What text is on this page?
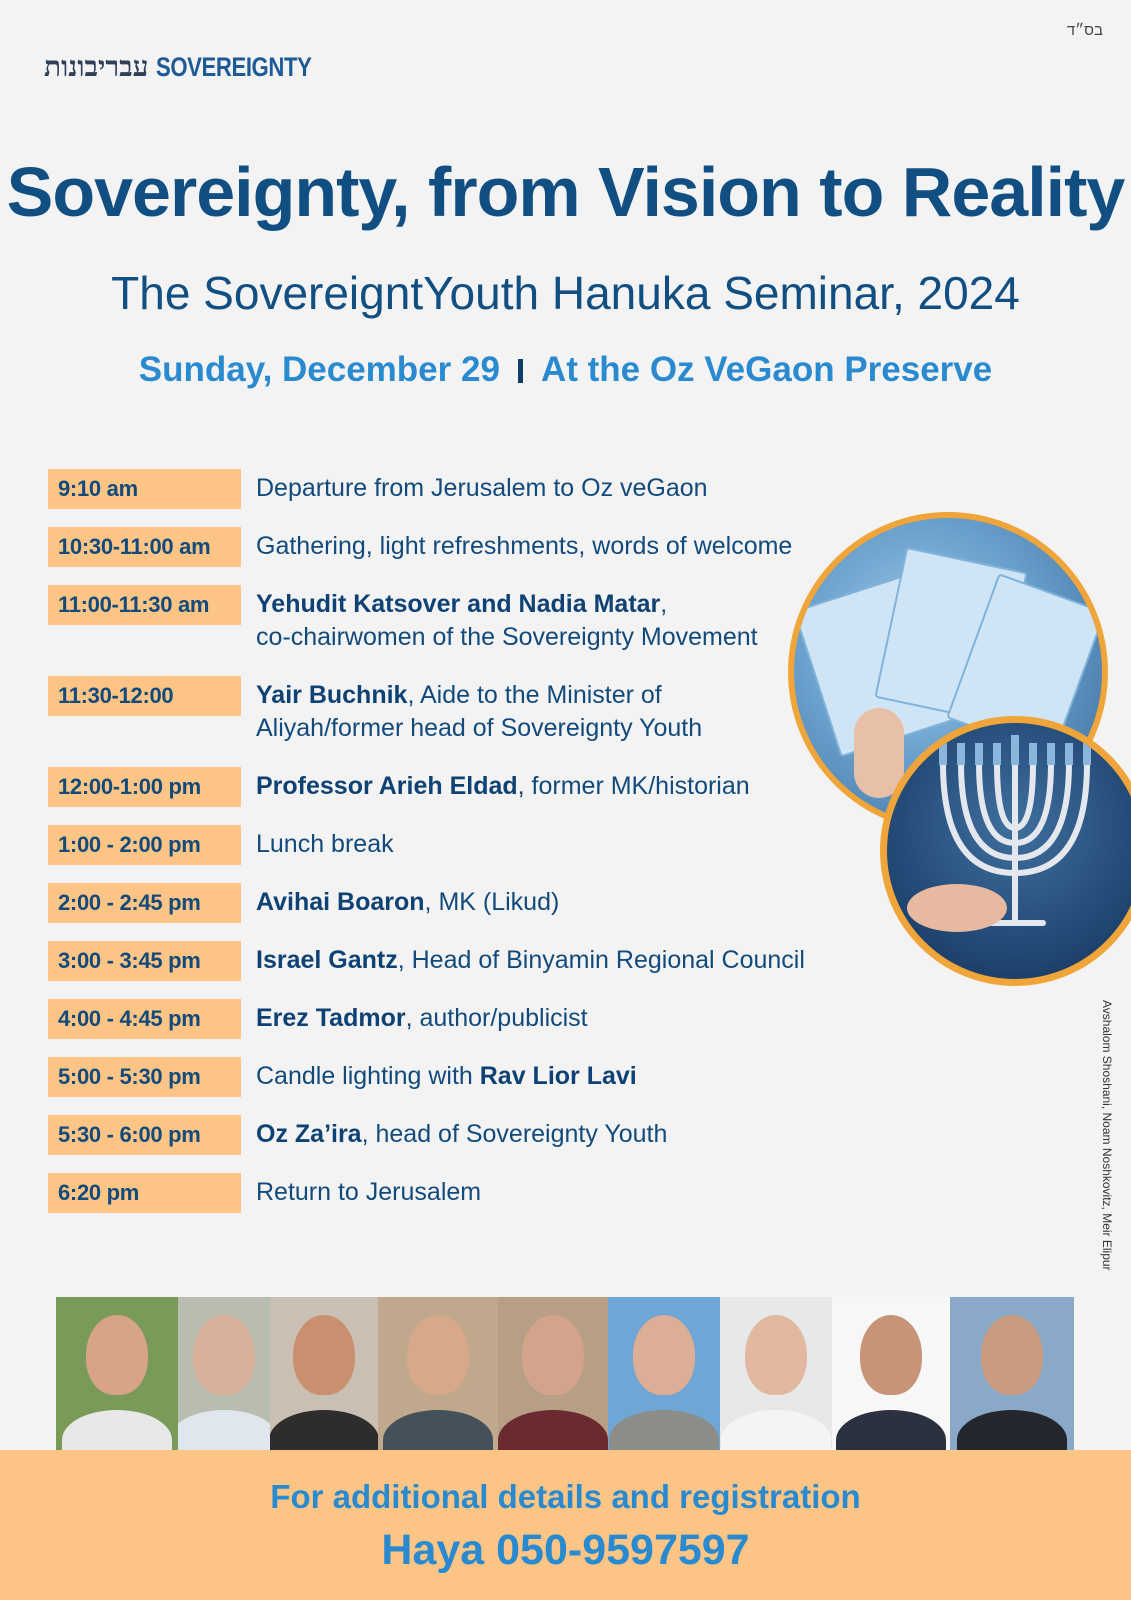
בס״ד
עבריבונות SOVEREIGNTY
Sovereignty, from Vision to Reality
The SovereigntYouth Hanuka Seminar, 2024
Sunday, December 29 At the Oz VeGaon Preserve
9:10 am	Departure from Jerusalem to Oz veGaon
10:30-11:00 am	Gathering, light refreshments, words of welcome
11:00-11:30 am	Yehudit Katsover and Nadia Matar,
co-chairwomen of the Sovereignty Movement
11:30-12:00	Yair Buchnik, Aide to the Minister of
Aliyah/former head of Sovereignty Youth
12:00-1:00 pm	Professor Arieh Eldad, former MK/historian
1:00 - 2:00 pm	Lunch break
2:00 - 2:45 pm	Avihai Boaron, MK (Likud)
3:00 - 3:45 pm	Israel Gantz, Head of Binyamin Regional Council
4:00 - 4:45 pm	Erez Tadmor, author/publicist
5:00 - 5:30 pm	Candle lighting with Rav Lior Lavi
5:30 - 6:00 pm	Oz Za’ira, head of Sovereignty Youth
6:20 pm	Return to Jerusalem	Avshalom Shoshani, Noam Noshkovitz, Meir Elipur
For additional details and registration
Haya 050-9597597
